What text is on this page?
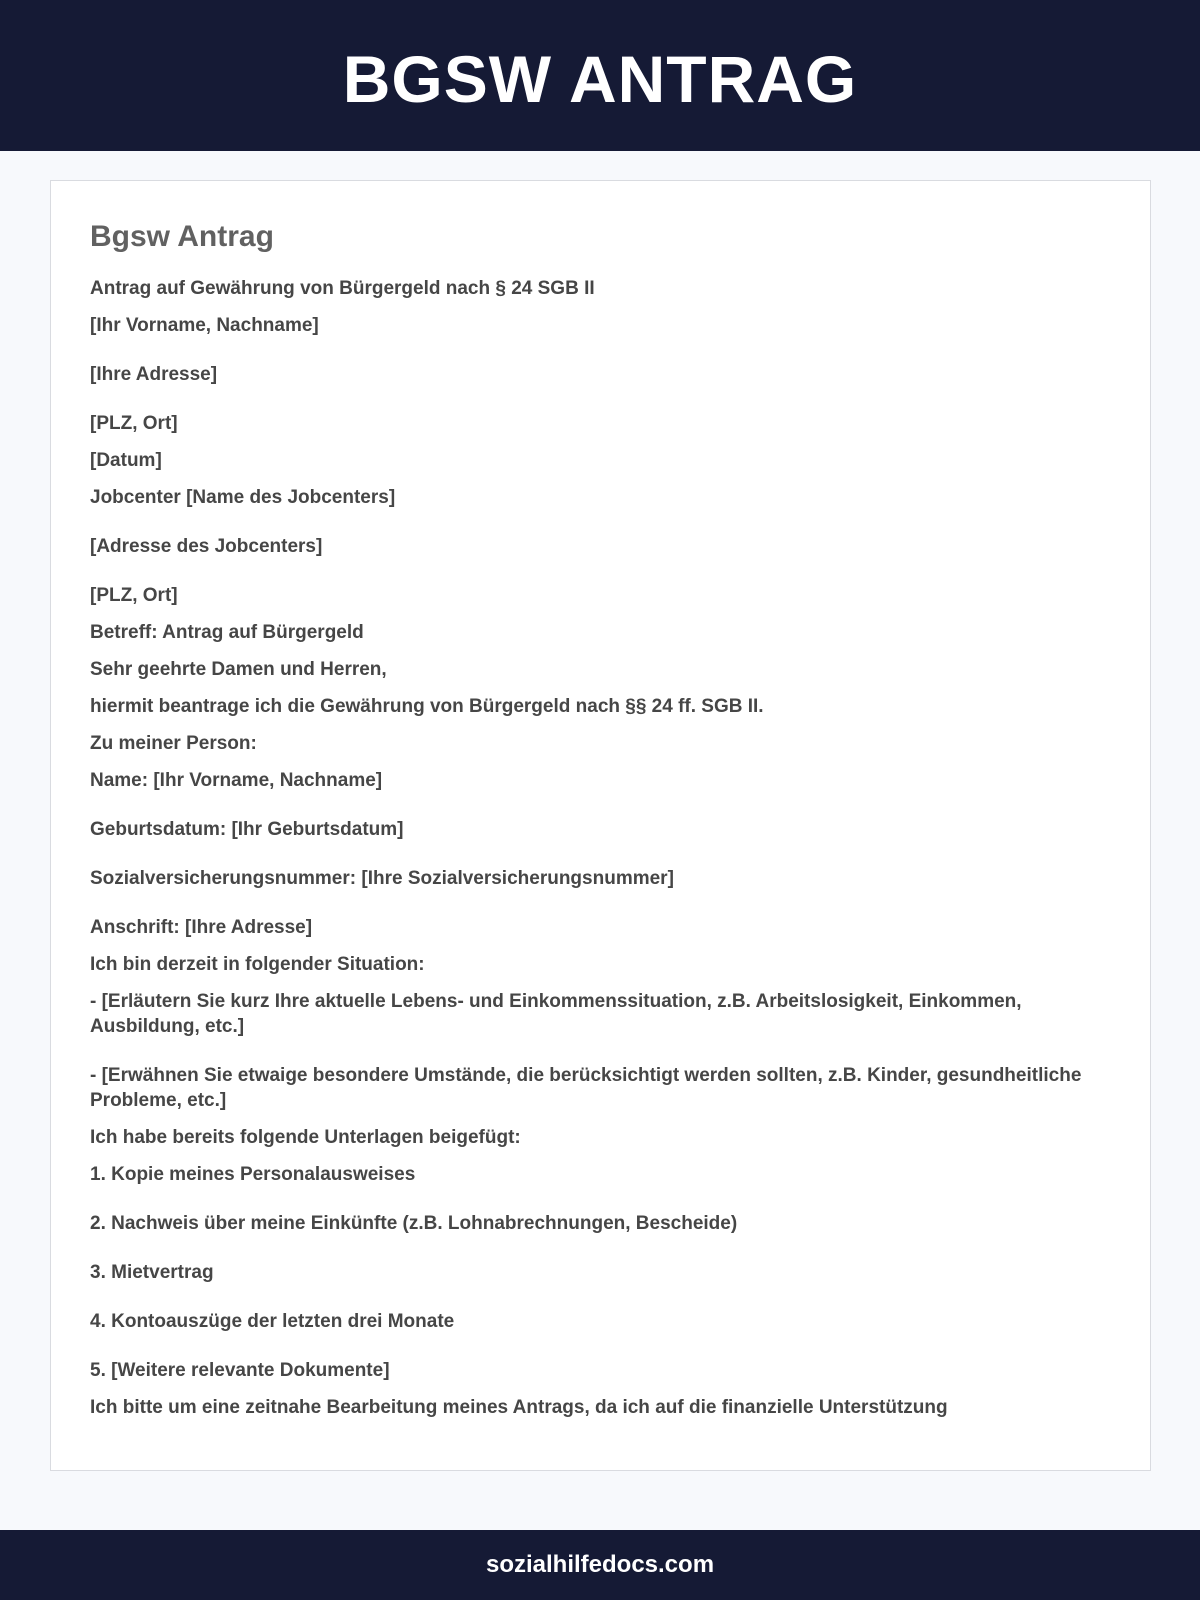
BGSW ANTRAG
Bgsw Antrag
Antrag auf Gewährung von Bürgergeld nach § 24 SGB II
[Ihr Vorname, Nachname]
[Ihre Adresse]
[PLZ, Ort]
[Datum]
Jobcenter [Name des Jobcenters]
[Adresse des Jobcenters]
[PLZ, Ort]
Betreff: Antrag auf Bürgergeld
Sehr geehrte Damen und Herren,
hiermit beantrage ich die Gewährung von Bürgergeld nach §§ 24 ff. SGB II.
Zu meiner Person:
Name: [Ihr Vorname, Nachname]
Geburtsdatum: [Ihr Geburtsdatum]
Sozialversicherungsnummer: [Ihre Sozialversicherungsnummer]
Anschrift: [Ihre Adresse]
Ich bin derzeit in folgender Situation:
- [Erläutern Sie kurz Ihre aktuelle Lebens- und Einkommenssituation, z.B. Arbeitslosigkeit, Einkommen, Ausbildung, etc.]
- [Erwähnen Sie etwaige besondere Umstände, die berücksichtigt werden sollten, z.B. Kinder, gesundheitliche Probleme, etc.]
Ich habe bereits folgende Unterlagen beigefügt:
1. Kopie meines Personalausweises
2. Nachweis über meine Einkünfte (z.B. Lohnabrechnungen, Bescheide)
3. Mietvertrag
4. Kontoauszüge der letzten drei Monate
5. [Weitere relevante Dokumente]
Ich bitte um eine zeitnahe Bearbeitung meines Antrags, da ich auf die finanzielle Unterstützung
sozialhilfedocs.com
